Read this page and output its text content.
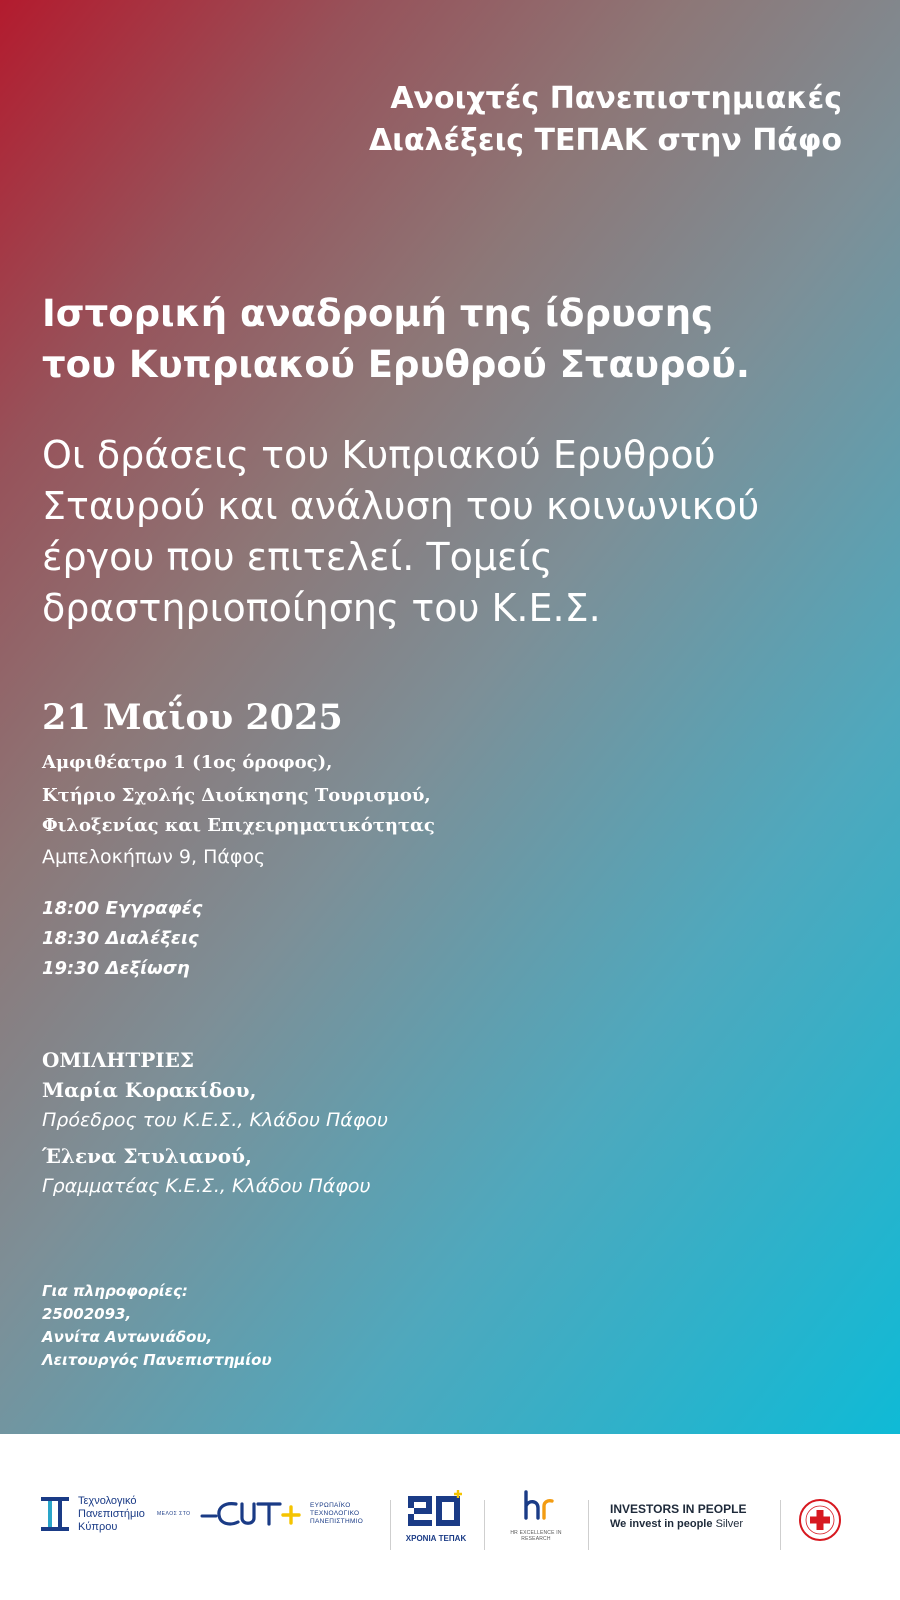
Ανοιχτές Πανεπιστημιακές
Διαλέξεις ΤΕΠΑΚ στην Πάφο
Ιστορική αναδρομή της ίδρυσης
του Κυπριακού Ερυθρού Σταυρού.
Οι δράσεις του Κυπριακού Ερυθρού
Σταυρού και ανάλυση του κοινωνικού
έργου που επιτελεί. Τομείς
δραστηριοποίησης του Κ.Ε.Σ.
21 Μαΐου 2025
Αμφιθέατρο 1 (1ος όροφος),
Κτήριο Σχολής Διοίκησης Τουρισμού,
Φιλοξενίας και Επιχειρηματικότητας
Αμπελοκήπων 9, Πάφος
18:00 Εγγραφές
18:30 Διαλέξεις
19:30 Δεξίωση
ΟΜΙΛΗΤΡΙΕΣ
Μαρία Κορακίδου,
Πρόεδρος του Κ.Ε.Σ., Κλάδου Πάφου
Έλενα Στυλιανού,
Γραμματέας Κ.Ε.Σ., Κλάδου Πάφου
Για πληροφορίες:
25002093,
Αννίτα Αντωνιάδου,
Λειτουργός Πανεπιστημίου
Τεχνολογικό
Πανεπιστήμιο
Κύπρου
ΜΕΛΟΣ ΣΤΟ
ΕΥΡΩΠΑΪΚΟ
ΤΕΧΝΟΛΟΓΙΚΟ
ΠΑΝΕΠΙΣΤΗΜΙΟ
ΧΡΟΝΙΑ ΤΕΠΑΚ
HR EXCELLENCE IN RESEARCH
INVESTORS IN PEOPLE
We invest in people Silver
